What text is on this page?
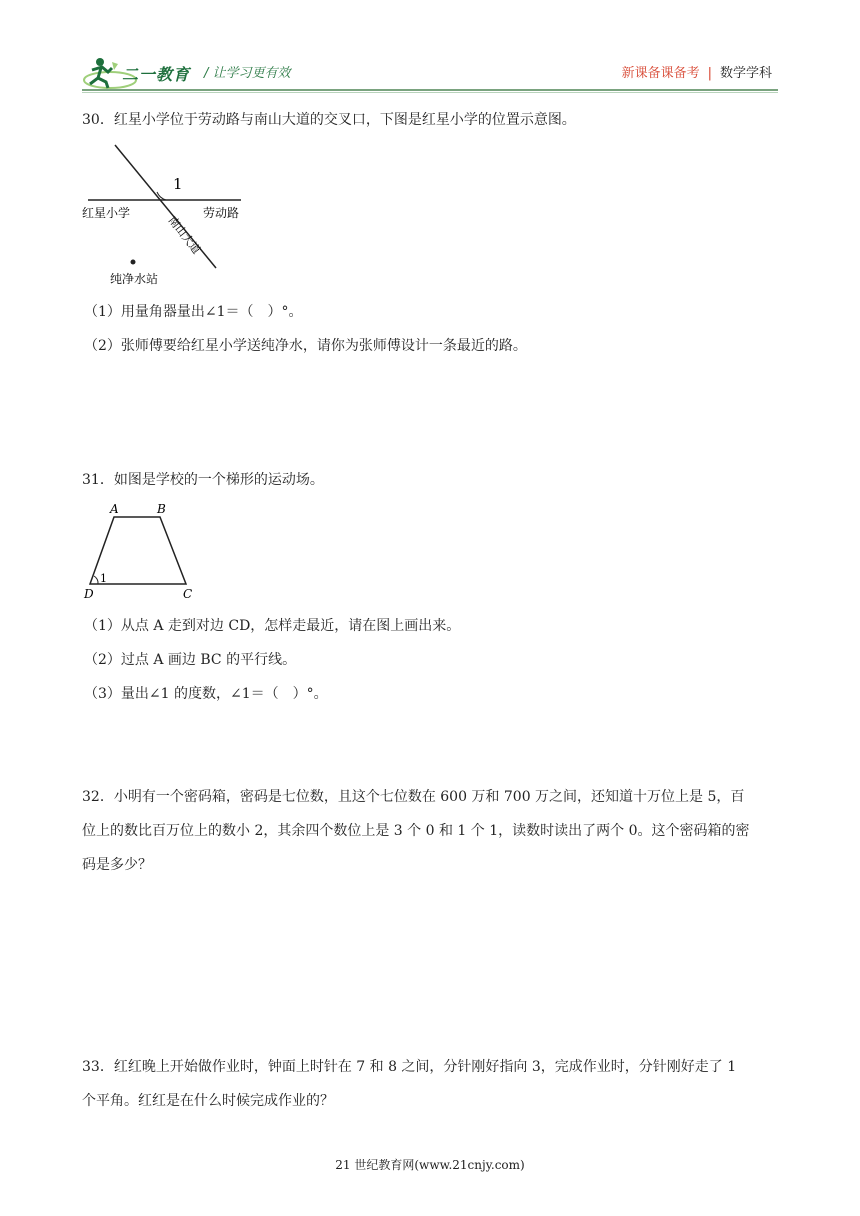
二一教育 / 让学习更有效	新课备课备考 | 数学学科
30．红星小学位于劳动路与南山大道的交叉口，下图是红星小学的位置示意图。
1
红星小学	劳动路
南山大道
纯净水站
（1）用量角器量出∠1＝（　）°。
（2）张师傅要给红星小学送纯净水，请你为张师傅设计一条最近的路。
31．如图是学校的一个梯形的运动场。
A	B
C
D
1
（1）从点 A 走到对边 CD，怎样走最近，请在图上画出来。
（2）过点 A 画边 BC 的平行线。
（3）量出∠1 的度数，∠1＝（　）°。
32．小明有一个密码箱，密码是七位数，且这个七位数在 600 万和 700 万之间，还知道十万位上是 5，百
位上的数比百万位上的数小 2，其余四个数位上是 3 个 0 和 1 个 1，读数时读出了两个 0。这个密码箱的密
码是多少？
33．红红晚上开始做作业时，钟面上时针在 7 和 8 之间，分针刚好指向 3，完成作业时，分针刚好走了 1
个平角。红红是在什么时候完成作业的？
21 世纪教育网(www.21cnjy.com)
